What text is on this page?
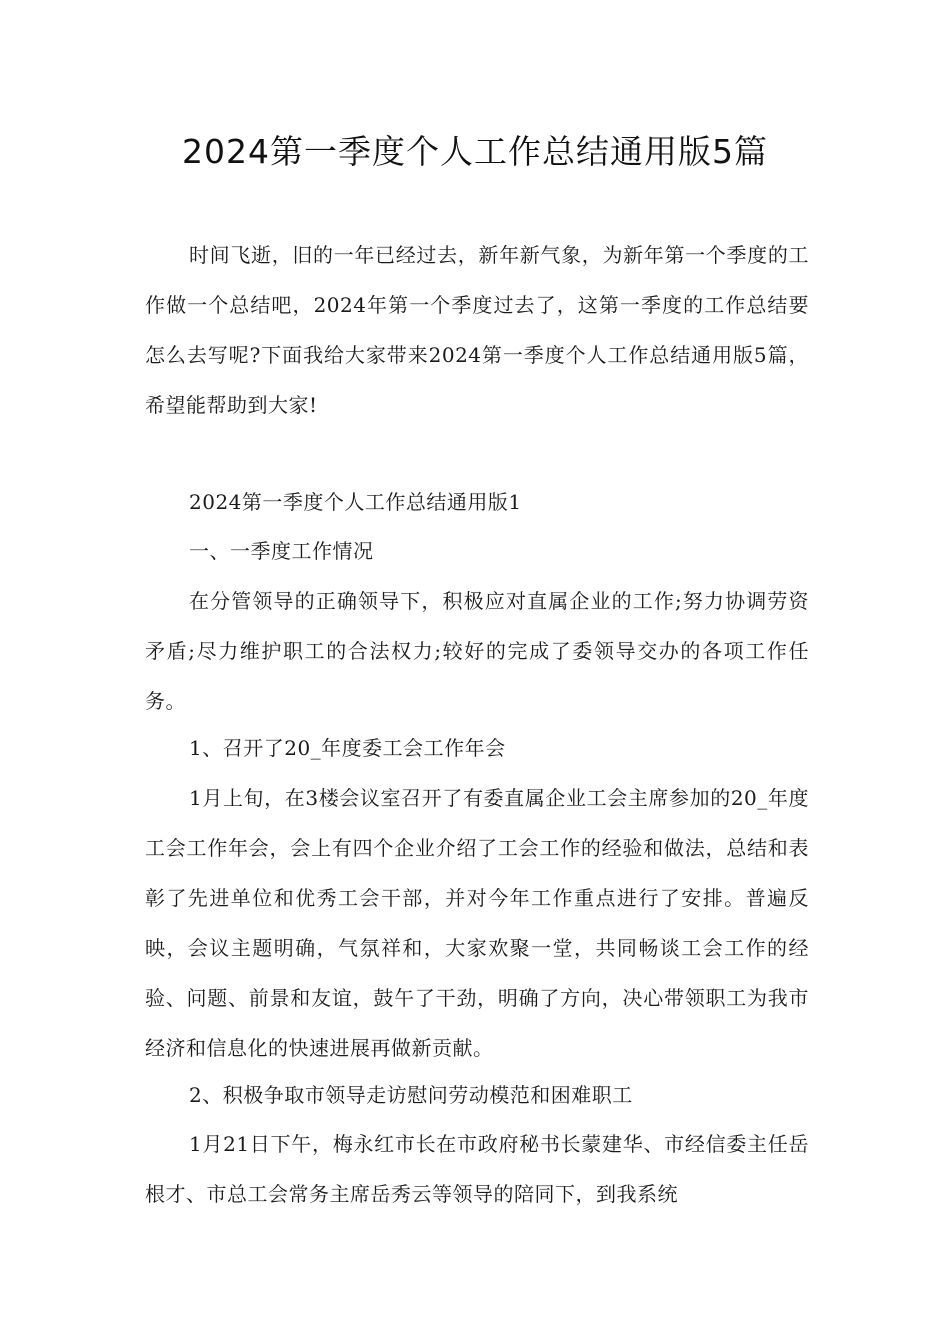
2024第一季度个人工作总结通用版5篇

时间飞逝，旧的一年已经过去，新年新气象，为新年第一个季度的工作做一个总结吧，2024年第一个季度过去了，这第一季度的工作总结要怎么去写呢?下面我给大家带来2024第一季度个人工作总结通用版5篇，希望能帮助到大家!

2024第一季度个人工作总结通用版1

一、一季度工作情况

在分管领导的正确领导下，积极应对直属企业的工作;努力协调劳资矛盾;尽力维护职工的合法权力;较好的完成了委领导交办的各项工作任务。

1、召开了20_年度委工会工作年会

1月上旬，在3楼会议室召开了有委直属企业工会主席参加的20_年度工会工作年会，会上有四个企业介绍了工会工作的经验和做法，总结和表彰了先进单位和优秀工会干部，并对今年工作重点进行了安排。普遍反映，会议主题明确，气氛祥和，大家欢聚一堂，共同畅谈工会工作的经验、问题、前景和友谊，鼓午了干劲，明确了方向，决心带领职工为我市经济和信息化的快速进展再做新贡献。

2、积极争取市领导走访慰问劳动模范和困难职工

1月21日下午，梅永红市长在市政府秘书长蒙建华、市经信委主任岳根才、市总工会常务主席岳秀云等领导的陪同下，到我系统
